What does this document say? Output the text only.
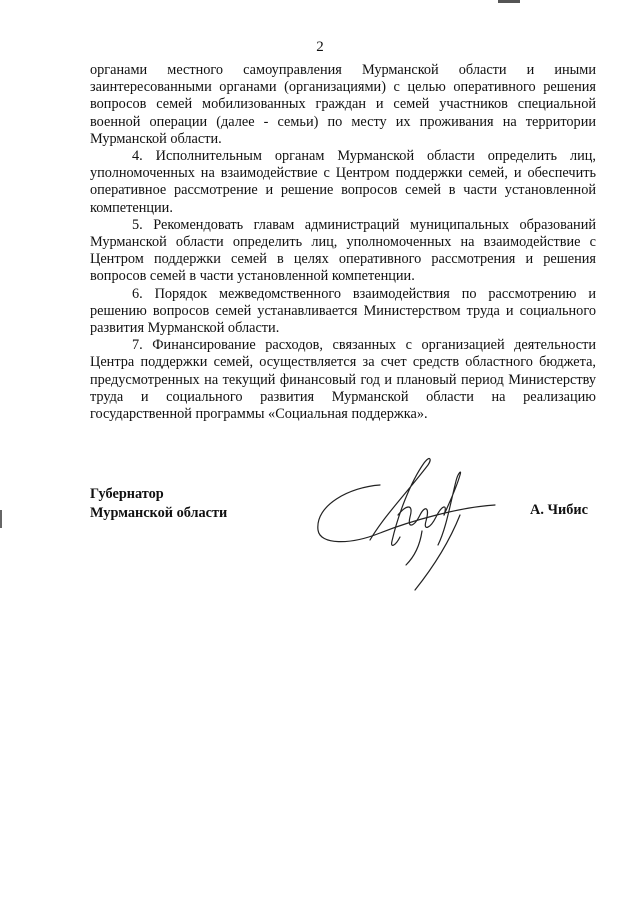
2

органами местного самоуправления Мурманской области и иными заинтересованными органами (организациями) с целью оперативного решения вопросов семей мобилизованных граждан и семей участников специальной военной операции (далее - семьи) по месту их проживания на территории Мурманской области.

4. Исполнительным органам Мурманской области определить лиц, уполномоченных на взаимодействие с Центром поддержки семей, и обеспечить оперативное рассмотрение и решение вопросов семей в части установленной компетенции.

5. Рекомендовать главам администраций муниципальных образований Мурманской области определить лиц, уполномоченных на взаимодействие с Центром поддержки семей в целях оперативного рассмотрения и решения вопросов семей в части установленной компетенции.

6. Порядок межведомственного взаимодействия по рассмотрению и решению вопросов семей устанавливается Министерством труда и социального развития Мурманской области.

7. Финансирование расходов, связанных с организацией деятельности Центра поддержки семей, осуществляется за счет средств областного бюджета, предусмотренных на текущий финансовый год и плановый период Министерству труда и социального развития Мурманской области на реализацию государственной программы «Социальная поддержка».

Губернатор
Мурманской области	А. Чибис
